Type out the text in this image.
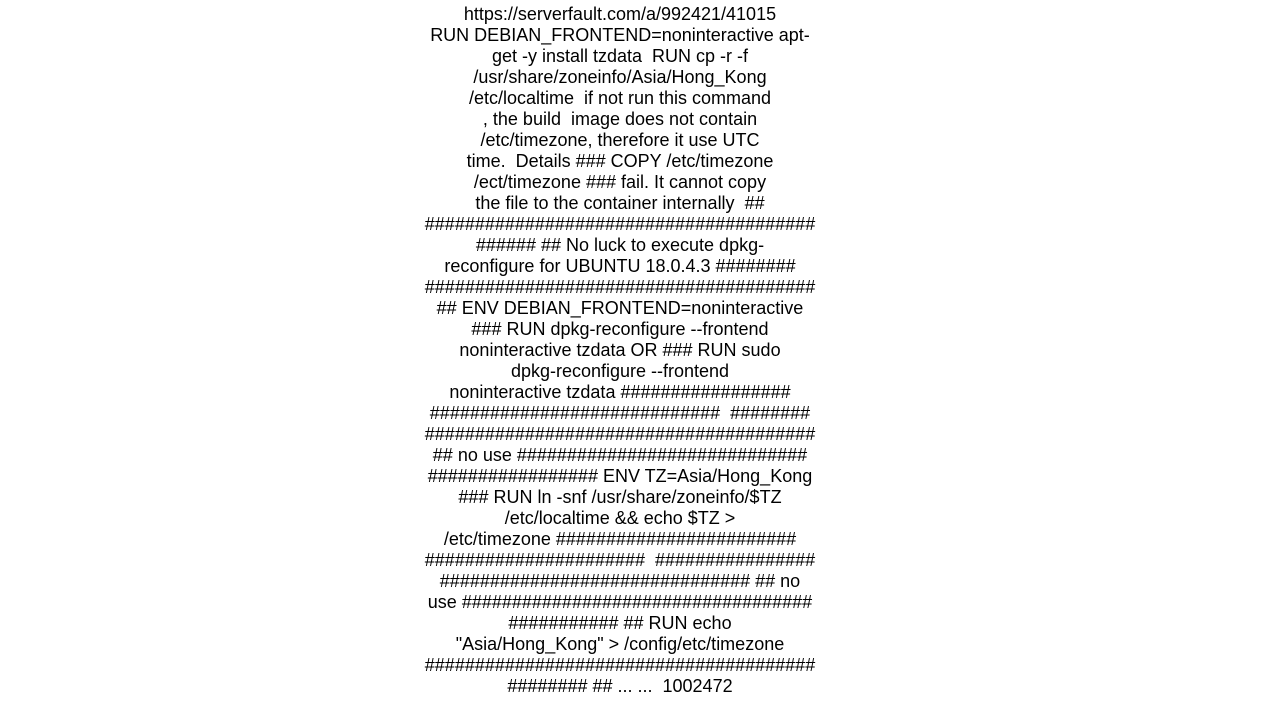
https://serverfault.com/a/992421/41015
RUN DEBIAN_FRONTEND=noninteractive apt-
get -y install tzdata  RUN cp -r -f
/usr/share/zoneinfo/Asia/Hong_Kong
/etc/localtime  if not run this command
, the build  image does not contain
/etc/timezone, therefore it use UTC
time.  Details ### COPY /etc/timezone
/ect/timezone ### fail. It cannot copy
the file to the container internally  ##
#######################################
###### ## No luck to execute dpkg-
reconfigure for UBUNTU 18.0.4.3 ########
#######################################
## ENV DEBIAN_FRONTEND=noninteractive
### RUN dpkg-reconfigure --frontend
noninteractive tzdata OR ### RUN sudo
dpkg-reconfigure --frontend
noninteractive tzdata #################
#############################  ########
#######################################
## no use #############################
################# ENV TZ=Asia/Hong_Kong
### RUN ln -snf /usr/share/zoneinfo/$TZ
/etc/localtime && echo $TZ >
/etc/timezone ########################
######################  ################
############################### ## no
use ###################################
########### ## RUN echo
"Asia/Hong_Kong" > /config/etc/timezone
#######################################
######## ## ... ...  1002472
